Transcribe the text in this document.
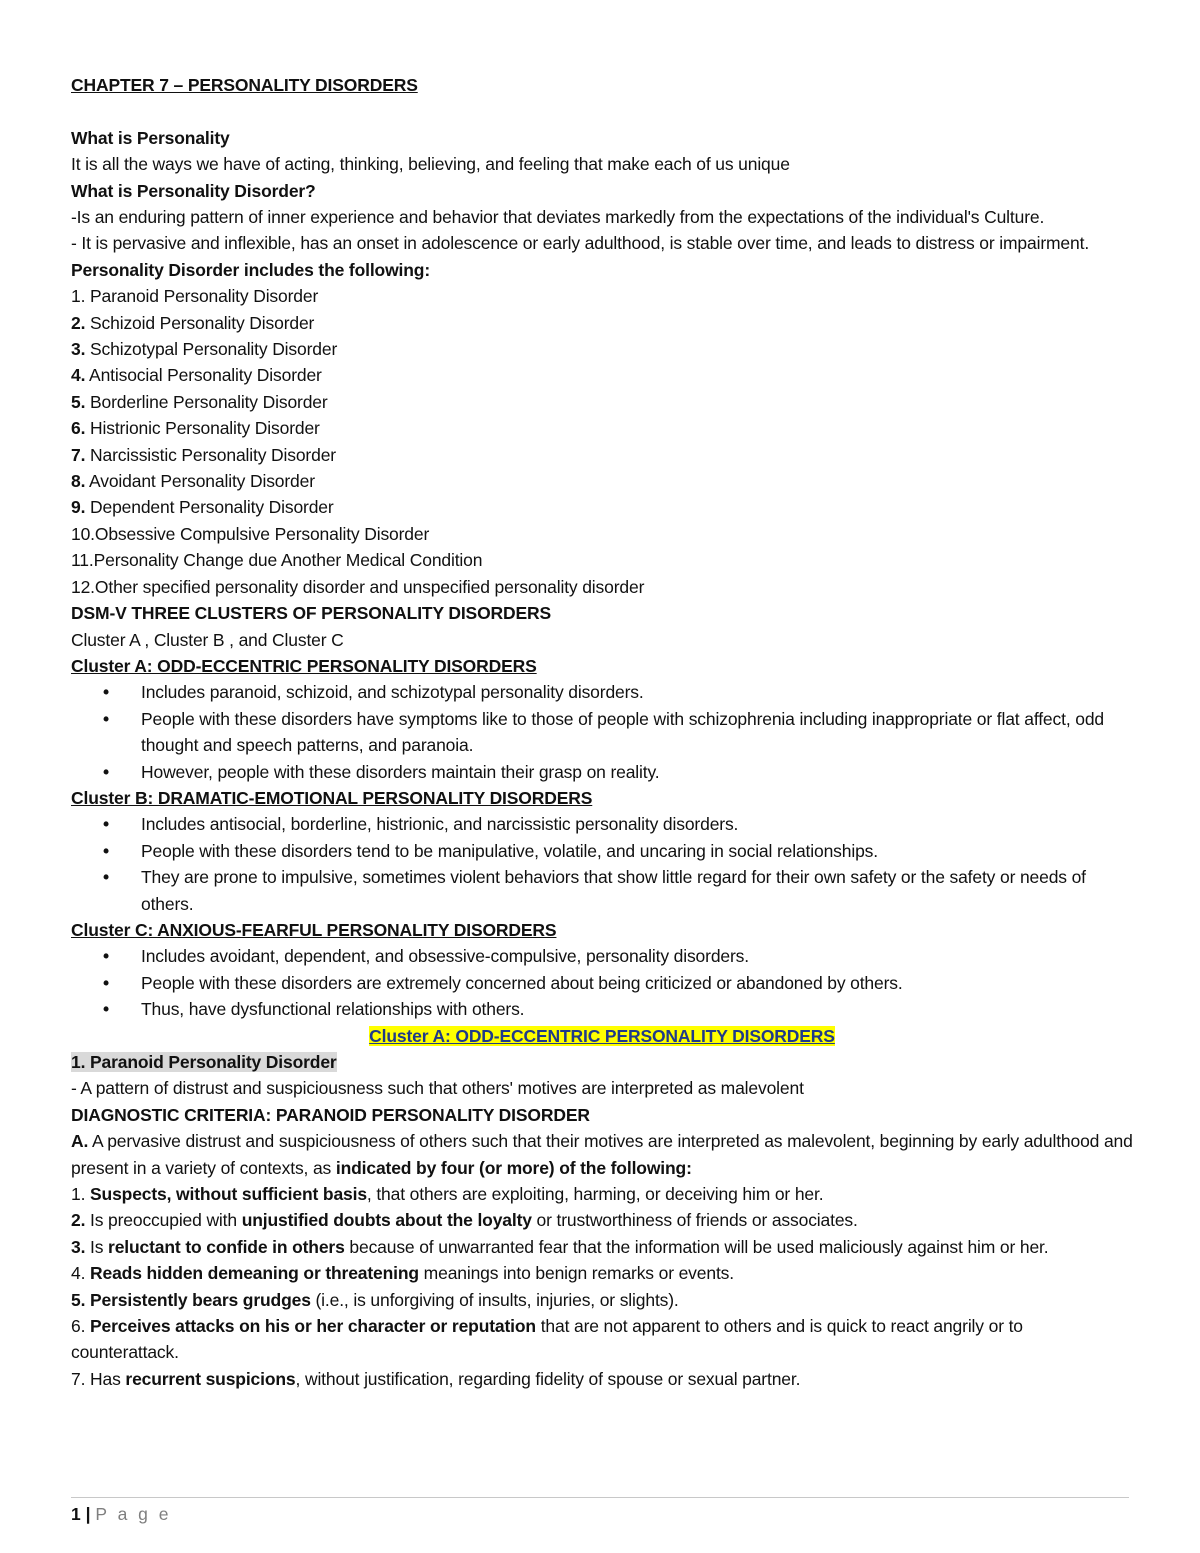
CHAPTER 7 – PERSONALITY DISORDERS
What is Personality
It is all the ways we have of acting, thinking, believing, and feeling that make each of us unique
What is Personality Disorder?
-Is an enduring pattern of inner experience and behavior that deviates markedly from the expectations of the individual's Culture.
- It is pervasive and inflexible, has an onset in adolescence or early adulthood, is stable over time, and leads to distress or impairment.
Personality Disorder includes the following:
1. Paranoid Personality Disorder
2. Schizoid Personality Disorder
3. Schizotypal Personality Disorder
4. Antisocial Personality Disorder
5. Borderline Personality Disorder
6. Histrionic Personality Disorder
7. Narcissistic Personality Disorder
8. Avoidant Personality Disorder
9. Dependent Personality Disorder
10.Obsessive Compulsive Personality Disorder
11.Personality Change due Another Medical Condition
12.Other specified personality disorder and unspecified personality disorder
DSM-V THREE CLUSTERS OF PERSONALITY DISORDERS
Cluster A , Cluster B , and Cluster C
Cluster A: ODD-ECCENTRIC PERSONALITY DISORDERS
• Includes paranoid, schizoid, and schizotypal personality disorders.
• People with these disorders have symptoms like to those of people with schizophrenia including inappropriate or flat affect, odd thought and speech patterns, and paranoia.
• However, people with these disorders maintain their grasp on reality.
Cluster B: DRAMATIC-EMOTIONAL PERSONALITY DISORDERS
• Includes antisocial, borderline, histrionic, and narcissistic personality disorders.
• People with these disorders tend to be manipulative, volatile, and uncaring in social relationships.
• They are prone to impulsive, sometimes violent behaviors that show little regard for their own safety or the safety or needs of others.
Cluster C: ANXIOUS-FEARFUL PERSONALITY DISORDERS
• Includes avoidant, dependent, and obsessive-compulsive, personality disorders.
• People with these disorders are extremely concerned about being criticized or abandoned by others.
• Thus, have dysfunctional relationships with others.
Cluster A: ODD-ECCENTRIC PERSONALITY DISORDERS
1. Paranoid Personality Disorder
- A pattern of distrust and suspiciousness such that others' motives are interpreted as malevolent
DIAGNOSTIC CRITERIA: PARANOID PERSONALITY DISORDER
A. A pervasive distrust and suspiciousness of others such that their motives are interpreted as malevolent, beginning by early adulthood and present in a variety of contexts, as indicated by four (or more) of the following:
1. Suspects, without sufficient basis, that others are exploiting, harming, or deceiving him or her.
2. Is preoccupied with unjustified doubts about the loyalty or trustworthiness of friends or associates.
3. Is reluctant to confide in others because of unwarranted fear that the information will be used maliciously against him or her.
4. Reads hidden demeaning or threatening meanings into benign remarks or events.
5. Persistently bears grudges (i.e., is unforgiving of insults, injuries, or slights).
6. Perceives attacks on his or her character or reputation that are not apparent to others and is quick to react angrily or to counterattack.
7. Has recurrent suspicions, without justification, regarding fidelity of spouse or sexual partner.
1 | P a g e
